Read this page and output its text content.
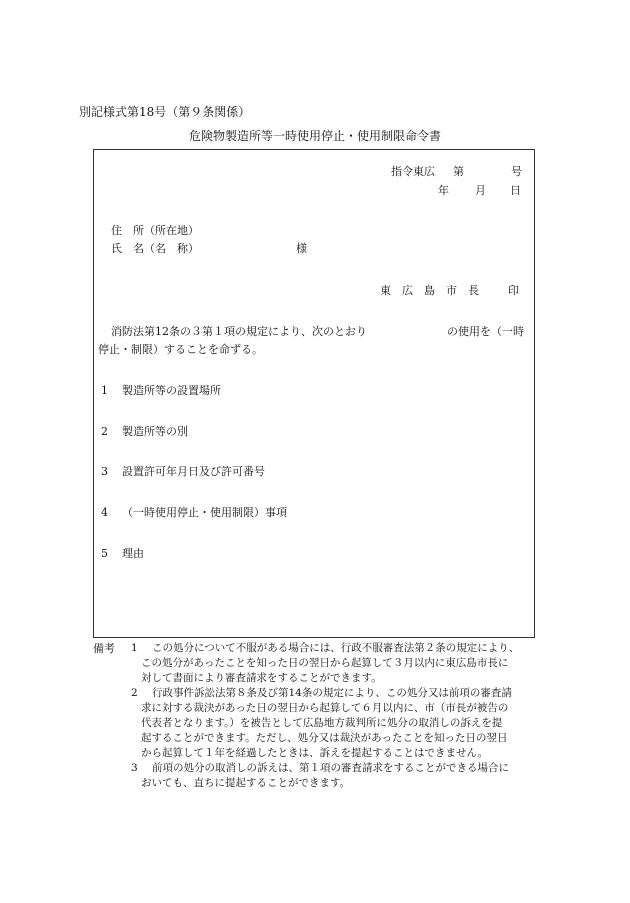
別記様式第18号（第９条関係）
危険物製造所等一時使用停止・使用制限命令書
指令東広 第	号
年 月 日
住　所（所在地）
氏　名（名　称）	様
東　広　島　市　長	印
消防法第12条の３第１項の規定により、次のとおり	の使用を（一時
停止・制限）することを命ずる。
1 製造所等の設置場所
2 製造所等の別
3 設置許可年月日及び許可番号
4 （一時使用停止・使用制限）事項
5 理由
備考 1 この処分について不服がある場合には、行政不服審査法第２条の規定により、
この処分があったことを知った日の翌日から起算して３月以内に東広島市長に
対して書面により審査請求をすることができます。
2 行政事件訴訟法第８条及び第14条の規定により、この処分又は前項の審査請
求に対する裁決があった日の翌日から起算して６月以内に、市（市長が被告の
代表者となります。）を被告として広島地方裁判所に処分の取消しの訴えを提
起することができます。ただし、処分又は裁決があったことを知った日の翌日
から起算して１年を経過したときは、訴えを提起することはできません。
3 前項の処分の取消しの訴えは、第１項の審査請求をすることができる場合に
おいても、直ちに提起することができます。
